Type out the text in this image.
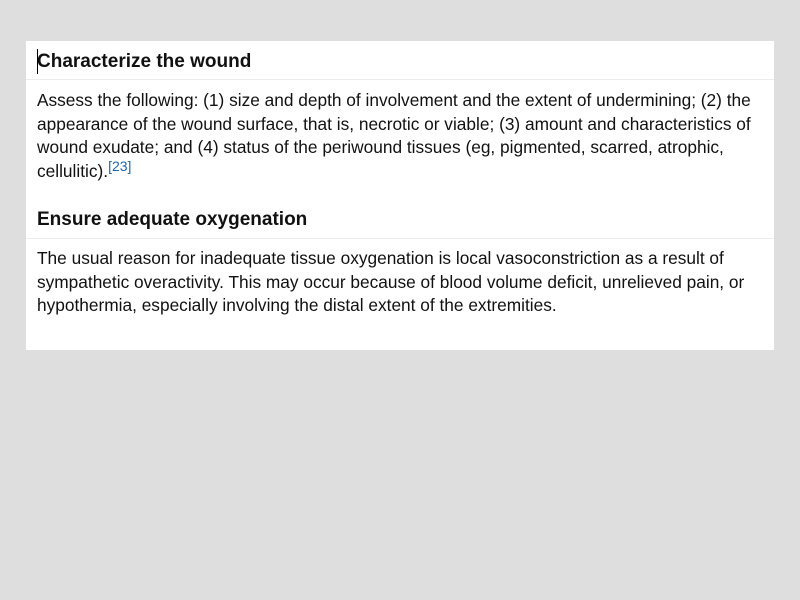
Characterize the wound
Assess the following: (1) size and depth of involvement and the extent of undermining; (2) the appearance of the wound surface, that is, necrotic or viable; (3) amount and characteristics of wound exudate; and (4) status of the periwound tissues (eg, pigmented, scarred, atrophic, cellulitic).[23]
Ensure adequate oxygenation
The usual reason for inadequate tissue oxygenation is local vasoconstriction as a result of sympathetic overactivity. This may occur because of blood volume deficit, unrelieved pain, or hypothermia, especially involving the distal extent of the extremities.
